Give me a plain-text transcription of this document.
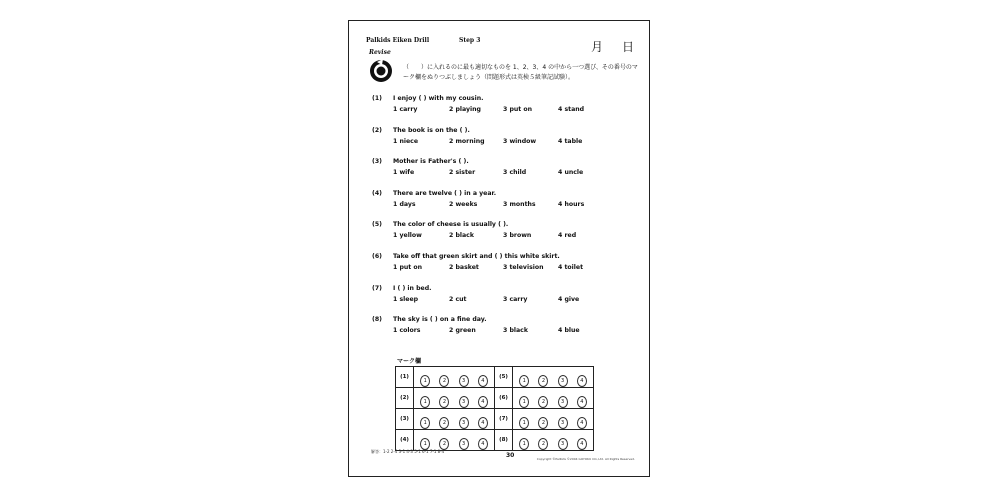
Palkids Eiken Drill	Step 3	月 日
Revise
（　　）に入れるのに最も適切なものを 1、2、3、4 の中から一つ選び、その番号のマーク欄をぬりつぶしましょう（問題形式は英検５級筆記試験）。
(1) I enjoy ( ) with my cousin.
1 carry	2 playing	3 put on	4 stand
(2) The book is on the ( ).
1 niece	2 morning	3 window	4 table
(3) Mother is Father's ( ).
1 wife	2 sister	3 child	4 uncle
(4) There are twelve ( ) in a year.
1 days	2 weeks	3 months	4 hours
(5) The color of cheese is usually ( ).
1 yellow	2 black	3 brown	4 red
(6) Take off that green skirt and ( ) this white skirt.
1 put on	2 basket	3 television 4 toilet
(7) I ( ) in bed.
1 sleep	2 cut	3 carry	4 give
(8) The sky is ( ) on a fine day.
1 colors	2 green	3 black	4 blue
マーク欄
(1)	1 2 3 4	(5)	1 2 3 4
(2)	1 2 3 4	(6)	1 2 3 4
(3)	1 2 3 4	(7)	1 2 3 4
(4)	1 2 3 4	(8)	1 2 3 4
解答：1-2 2-4 3-1 4-3 5-1 6-1 7-1 8-4
30	Copyright ©PalKids ©2004 GOYOKU CO.,Ltd. All Rights Reserved.
